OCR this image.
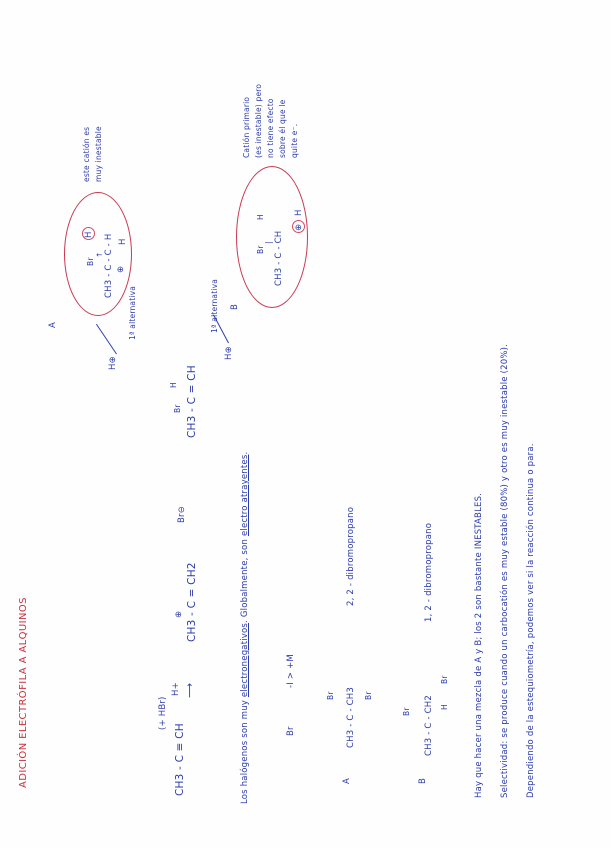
ADICIÓN ELECTRÓFILA A ALQUINOS	CH3 - C ≡ CH
(+ HBr)
H+ ⟶
CH3 - C = CH2
⊕
Br⊖
Br
H CH3 - C = CH
A
H⊕
1ª alternativa
Br
↑
H CH3 - C - C - H ⊕
H
este catión es muy inestable
H⊕
1ª alternativa B
Br
H
| CH3 - C - CH
⊕
H
Catión primario (es inestable) pero no tiene efecto sobre él que le quite e⁻.
Los halógenos son muy electronegativos. Globalmente, son electro atrayentes.
Br
-I > +M
A
Br CH3 - C - CH3 Br
2, 2 - dibromopropano
B
Br CH3 - C - CH2 H
Br
1, 2 - dibromopropano	Hay que hacer una mezcla de A y B; los 2 son bastante INESTABLES. Selectividad: se produce cuando un carbocatión es muy estable (80%) y otro es muy inestable (20%). Dependiendo de la estequiometría, podemos ver si la reacción continua o para.
